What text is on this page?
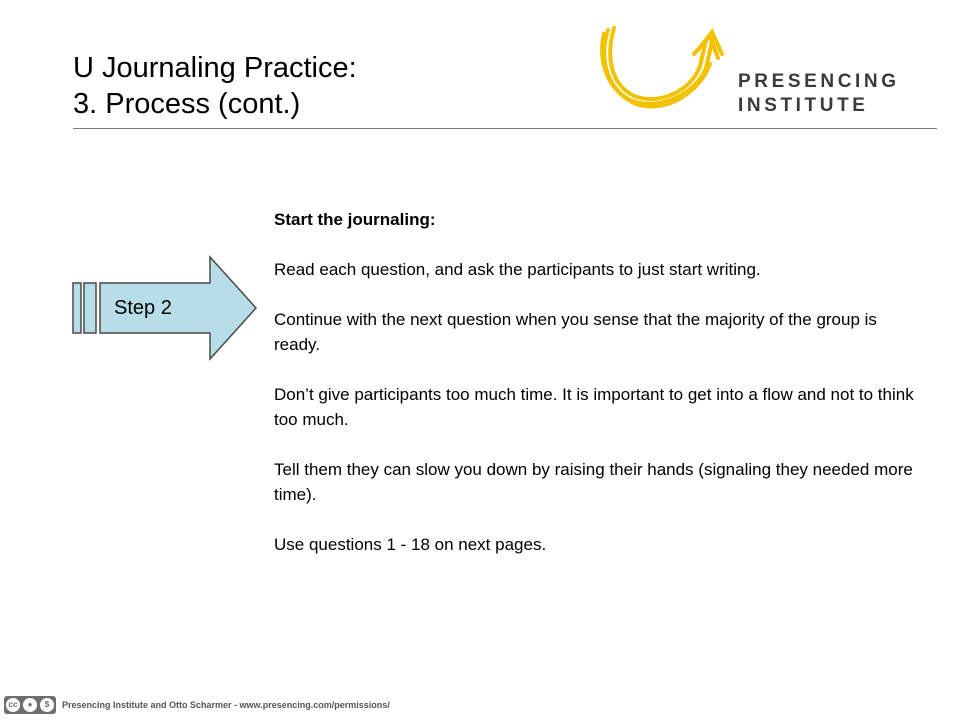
U Journaling Practice:
3. Process (cont.)
PRESENCING
INSTITUTE
Step 2

Start the journaling:

Read each question, and ask the participants to just start writing.

Continue with the next question when you sense that the majority of the group is ready.

Don’t give participants too much time. It is important to get into a flow and not to think too much.

Tell them they can slow you down by raising their hands (signaling they needed more time).

Use questions 1 - 18 on next pages.

cc	●	$	Presencing Institute and Otto Scharmer - www.presencing.com/permissions/
